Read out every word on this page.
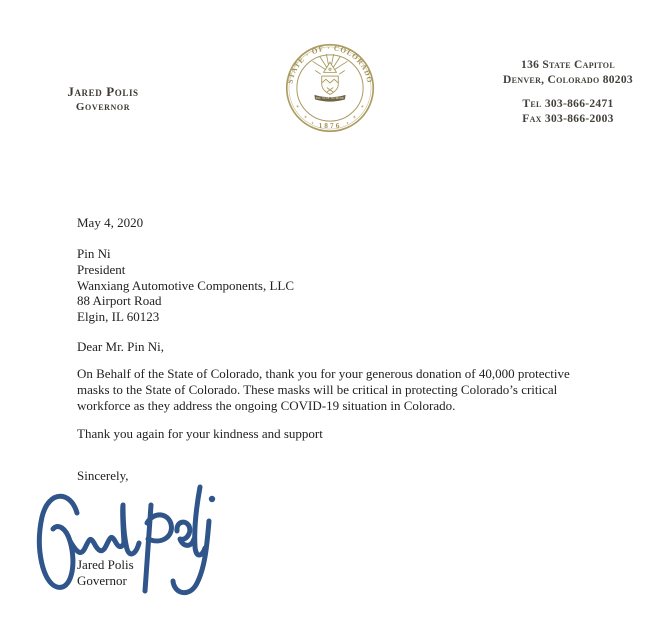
Jared Polis
Governor
STATE · OF · COLORADO
1876
✶
✶	✶
✶
NIL SINE NUMINE
136 State Capitol
Denver, Colorado 80203
Tel 303-866-2471
Fax 303-866-2003
May 4, 2020
Pin Ni
President
Wanxiang Automotive Components, LLC
88 Airport Road
Elgin, IL 60123
Dear Mr. Pin Ni,
On Behalf of the State of Colorado, thank you for your generous donation of 40,000 protective
masks to the State of Colorado. These masks will be critical in protecting Colorado’s critical
workforce as they address the ongoing COVID-19 situation in Colorado.
Thank you again for your kindness and support
Sincerely,
Jared Polis
Governor
